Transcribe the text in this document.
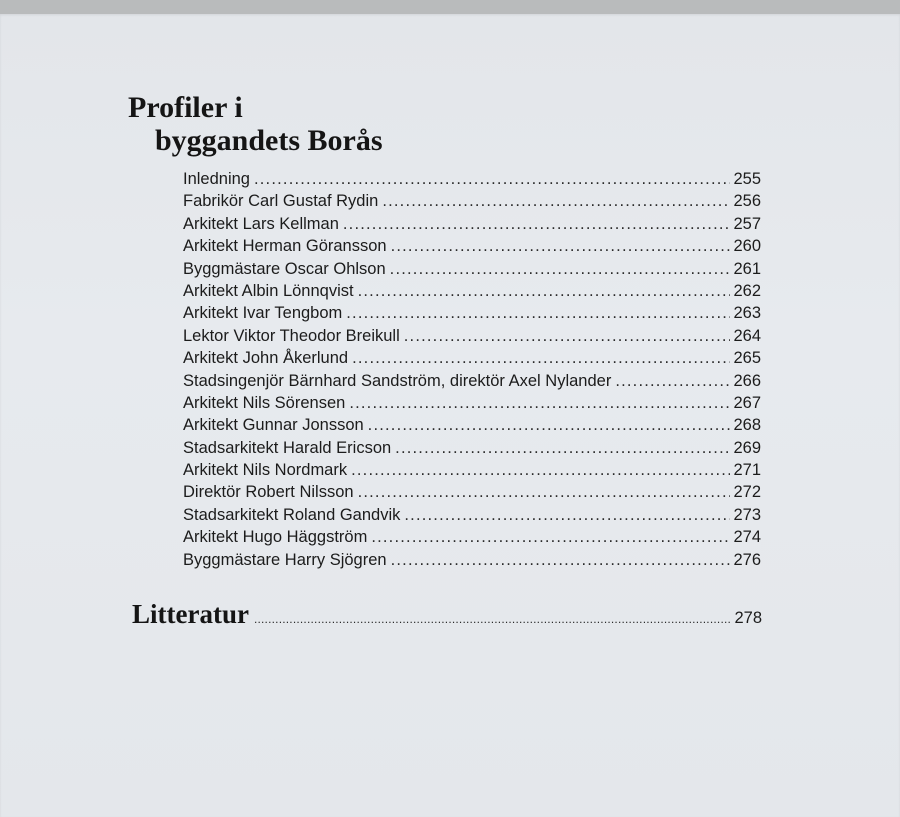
Profiler i
byggandets Borås
Inledning .....	255
Fabrikör Carl Gustaf Rydin .....	256
Arkitekt Lars Kellman .....	257
Arkitekt Herman Göransson .....	260
Byggmästare Oscar Ohlson .....	261
Arkitekt Albin Lönnqvist .....	262
Arkitekt Ivar Tengbom .....	263
Lektor Viktor Theodor Breikull .....	264
Arkitekt John Åkerlund .....	265
Stadsingenjör Bärnhard Sandström, direktör Axel Nylander .....	266
Arkitekt Nils Sörensen .....	267
Arkitekt Gunnar Jonsson .....	268
Stadsarkitekt Harald Ericson .....	269
Arkitekt Nils Nordmark .....	271
Direktör Robert Nilsson .....	272
Stadsarkitekt Roland Gandvik .....	273
Arkitekt Hugo Häggström .....	274
Byggmästare Harry Sjögren .....	276
Litteratur .....	278
